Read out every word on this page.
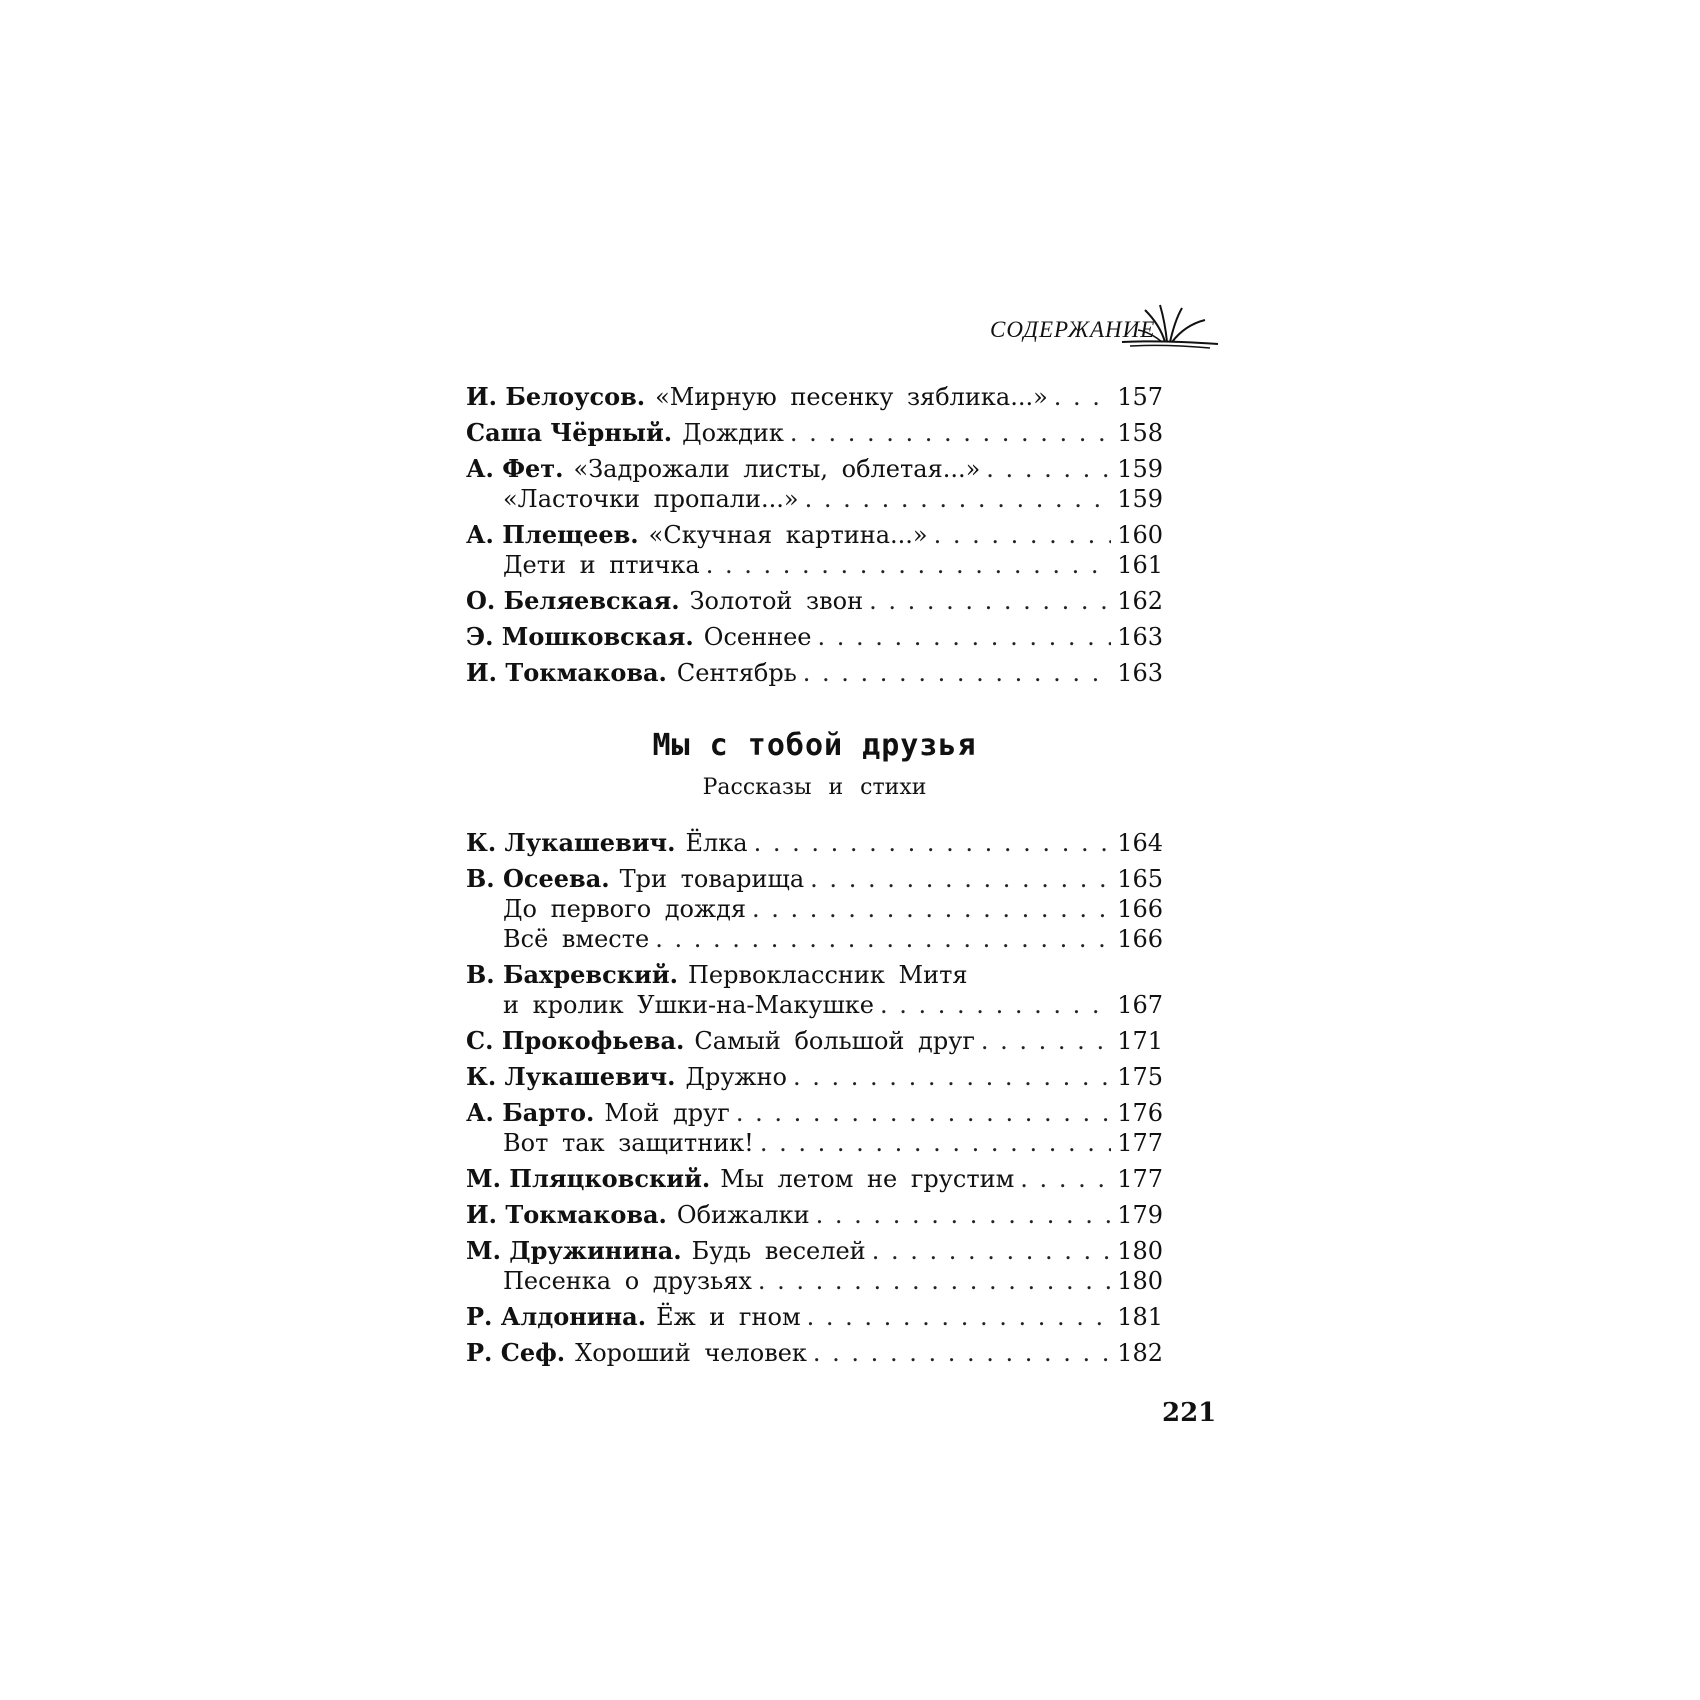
СОДЕРЖАНИЕ
И. Белоусов. «Мирную песенку зяблика...» . . .	157
Саша Чёрный. Дождик . . .	158
А. Фет. «Задрожали листы, облетая...» . . .	159
«Ласточки пропали...» . . .	159
А. Плещеев. «Скучная картина...» . . .	160
Дети и птичка . . .	161
О. Беляевская. Золотой звон . . .	162
Э. Мошковская. Осеннее . . .	163
И. Токмакова. Сентябрь . . .	163
Мы с тобой друзья
Рассказы и стихи
К. Лукашевич. Ёлка . . .	164
В. Осеева. Три товарища . . .	165
До первого дождя . . .	166
Всё вместе . . .	166
В. Бахревский. Первоклассник Митя
и кролик Ушки-на-Макушке . . .	167
С. Прокофьева. Самый большой друг . . .	171
К. Лукашевич. Дружно . . .	175
А. Барто. Мой друг . . .	176
Вот так защитник! . . .	177
М. Пляцковский. Мы летом не грустим . . .	177
И. Токмакова. Обижалки . . .	179
М. Дружинина. Будь веселей . . .	180
Песенка о друзьях . . .	180
Р. Алдонина. Ёж и гном . . .	181
Р. Сеф. Хороший человек . . .	182
221
